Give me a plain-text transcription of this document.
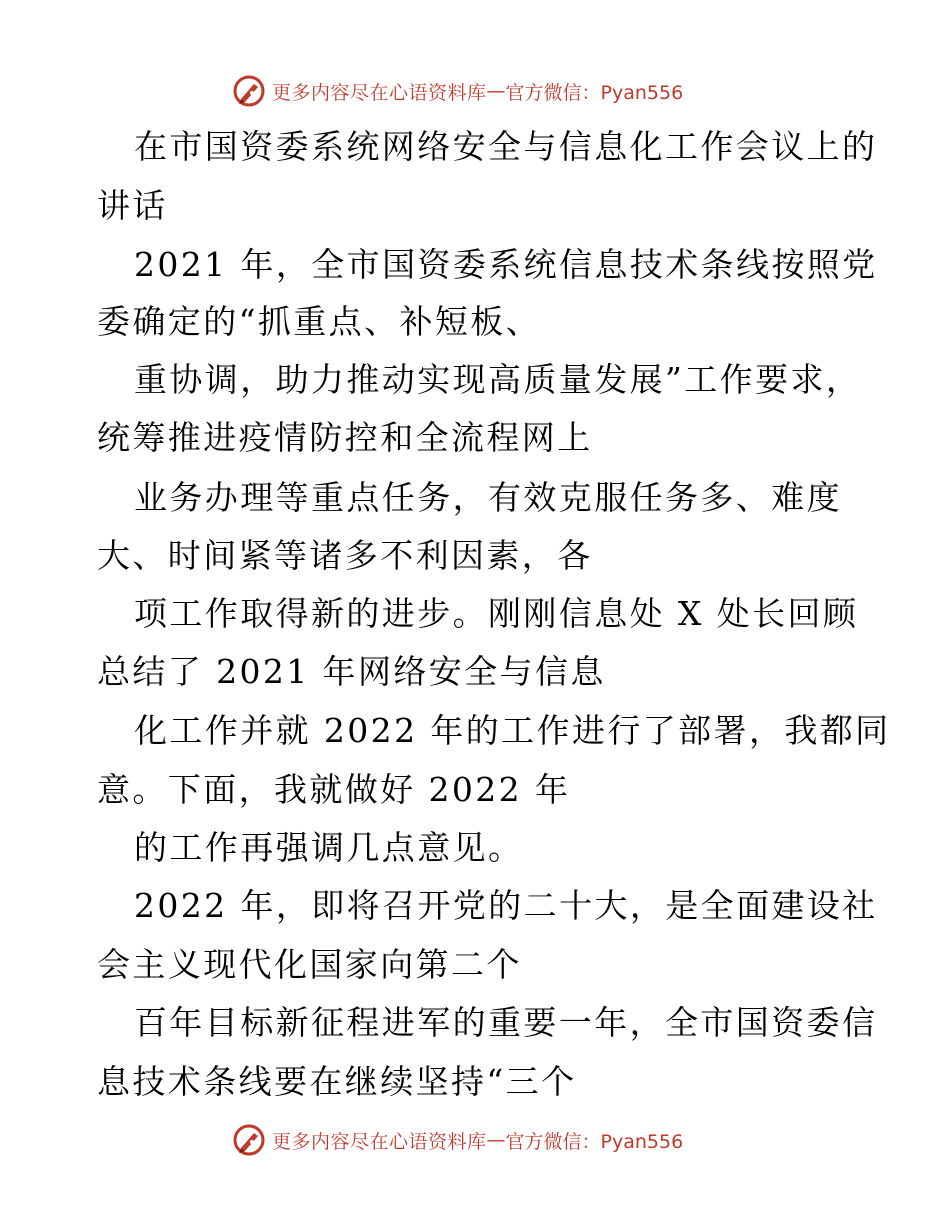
更多内容尽在心语资料库 — 官方微信：Pyan556
在市国资委系统网络安全与信息化工作会议上的
讲话
2021 年，全市国资委系统信息技术条线按照党
委确定的“抓重点、补短板、
重协调，助力推动实现高质量发展”工作要求，
统筹推进疫情防控和全流程网上
业务办理等重点任务，有效克服任务多、难度
大、时间紧等诸多不利因素，各
项工作取得新的进步。刚刚信息处 X 处长回顾
总结了 2021 年网络安全与信息
化工作并就 2022 年的工作进行了部署，我都同
意。下面，我就做好 2022 年
的工作再强调几点意见。
2022 年，即将召开党的二十大，是全面建设社
会主义现代化国家向第二个
百年目标新征程进军的重要一年，全市国资委信
息技术条线要在继续坚持“三个
更多内容尽在心语资料库 — 官方微信：Pyan556
